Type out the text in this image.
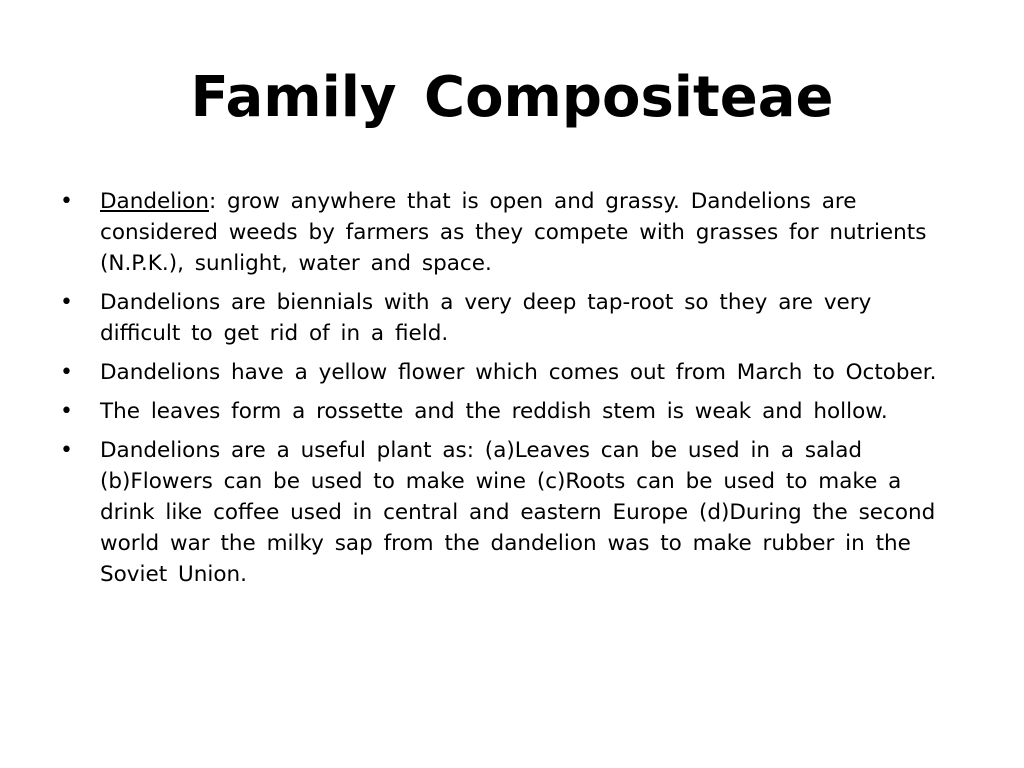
Family Compositeae
• Dandelion: grow anywhere that is open and grassy. Dandelions are considered weeds by farmers as they compete with grasses for nutrients (N.P.K.), sunlight, water and space.
• Dandelions are biennials with a very deep tap-root so they are very difficult to get rid of in a field.
• Dandelions have a yellow flower which comes out from March to October.
• The leaves form a rossette and the reddish stem is weak and hollow.
• Dandelions are a useful plant as: (a)Leaves can be used in a salad (b)Flowers can be used to make wine (c)Roots can be used to make a drink like coffee used in central and eastern Europe (d)During the second world war the milky sap from the dandelion was to make rubber in the Soviet Union.
